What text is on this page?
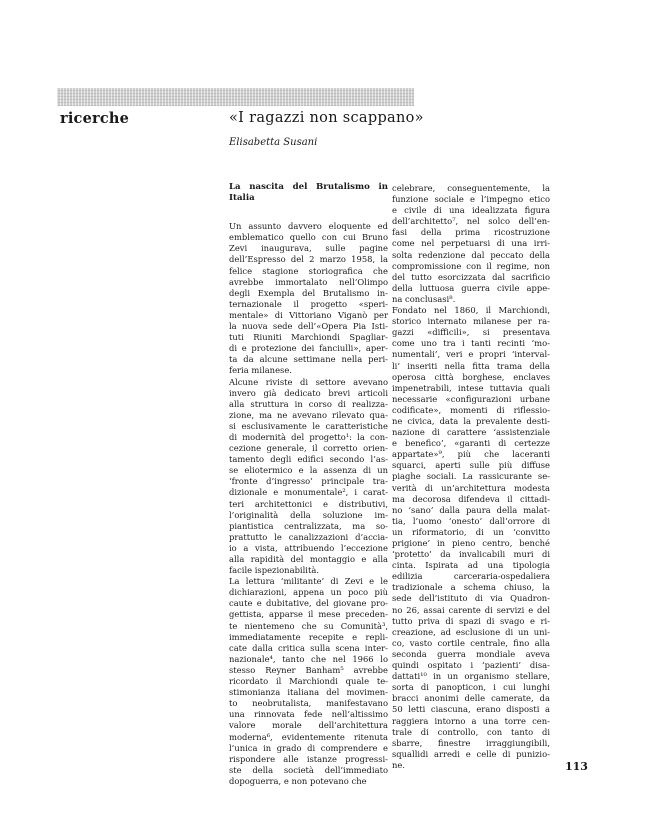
ricerche	«I ragazzi non scappano»
Elisabetta Susani

La nascita del Brutalismo in Italia

Un assunto davvero eloquente ed
emblematico quello con cui Bruno
Zevi inaugurava, sulle pagine
dell’Espresso del 2 marzo 1958, la
felice stagione storiografica che
avrebbe immortalato nell’Olimpo
degli Exempla del Brutalismo in-
ternazionale il progetto «speri-
mentale» di Vittoriano Viganò per
la nuova sede dell’«Opera Pia Isti-
tuti Riuniti Marchiondi Spagliar-
di e protezione dei fanciulli», aper-
ta da alcune settimane nella peri-
feria milanese.
Alcune riviste di settore avevano
invero già dedicato brevi articoli
alla struttura in corso di realizza-
zione, ma ne avevano rilevato qua-
si esclusivamente le caratteristiche
di modernità del progetto¹: la con-
cezione generale, il corretto orien-
tamento degli edifici secondo l’as-
se eliotermico e la assenza di un
‘fronte d’ingresso’ principale tra-
dizionale e monumentale², i carat-
teri architettonici e distributivi,
l’originalità della soluzione im-
piantistica centralizzata, ma so-
prattutto le canalizzazioni d’accia-
io a vista, attribuendo l’eccezione
alla rapidità del montaggio e alla
facile ispezionabilità.
La lettura ‘militante’ di Zevi e le
dichiarazioni, appena un poco più
caute e dubitative, del giovane pro-
gettista, apparse il mese preceden-
te nientemeno che su Comunità³,
immediatamente recepite e repli-
cate dalla critica sulla scena inter-
nazionale⁴, tanto che nel 1966 lo
stesso Reyner Banham⁵ avrebbe
ricordato il Marchiondi quale te-
stimonianza italiana del movimen-
to neobrutalista, manifestavano
una rinnovata fede nell’altissimo
valore morale dell’architettura
moderna⁶, evidentemente ritenuta
l’unica in grado di comprendere e
rispondere alle istanze progressi-
ste della società dell’immediato
dopoguerra, e non potevano che
celebrare, conseguentemente, la
funzione sociale e l’impegno etico
e civile di una idealizzata figura
dell’architetto⁷, nel solco dell’en-
fasi della prima ricostruzione
come nel perpetuarsi di una irri-
solta redenzione dal peccato della
compromissione con il regime, non
del tutto esorcizzata dal sacrificio
della luttuosa guerra civile appe-
na conclusasi⁸.
Fondato nel 1860, il Marchiondi,
storico internato milanese per ra-
gazzi «difficili», si presentava
come uno tra i tanti recinti ‘mo-
numentali’, veri e propri ‘interval-
li’ inseriti nella fitta trama della
operosa città borghese, enclaves
impenetrabili, intese tuttavia quali
necessarie «configurazioni urbane
codificate», momenti di riflessio-
ne civica, data la prevalente desti-
nazione di carattere ‘assistenziale
e benefico’, «garanti di certezze
appartate»⁹, più che laceranti
squarci, aperti sulle più diffuse
piaghe sociali. La rassicurante se-
verità di un’architettura modesta
ma decorosa difendeva il cittadi-
no ‘sano’ dalla paura della malat-
tia, l’uomo ‘onesto’ dall’orrore di
un riformatorio, di un ‘convitto
prigione’ in pieno centro, benché
‘protetto’ da invalicabili muri di
cinta. Ispirata ad una tipologia
edilizia carceraria-ospedaliera
tradizionale a schema chiuso, la
sede dell’istituto di via Quadron-
no 26, assai carente di servizi e del
tutto priva di spazi di svago e ri-
creazione, ad esclusione di un uni-
co, vasto cortile centrale, fino alla
seconda guerra mondiale aveva
quindi ospitato i ‘pazienti’ disa-
dattati¹⁰ in un organismo stellare,
sorta di panopticon, i cui lunghi
bracci anonimi delle camerate, da
50 letti ciascuna, erano disposti a
raggiera intorno a una torre cen-
trale di controllo, con tanto di
sbarre, finestre irraggiungibili,
squallidi arredi e celle di punizio-
ne.	113
